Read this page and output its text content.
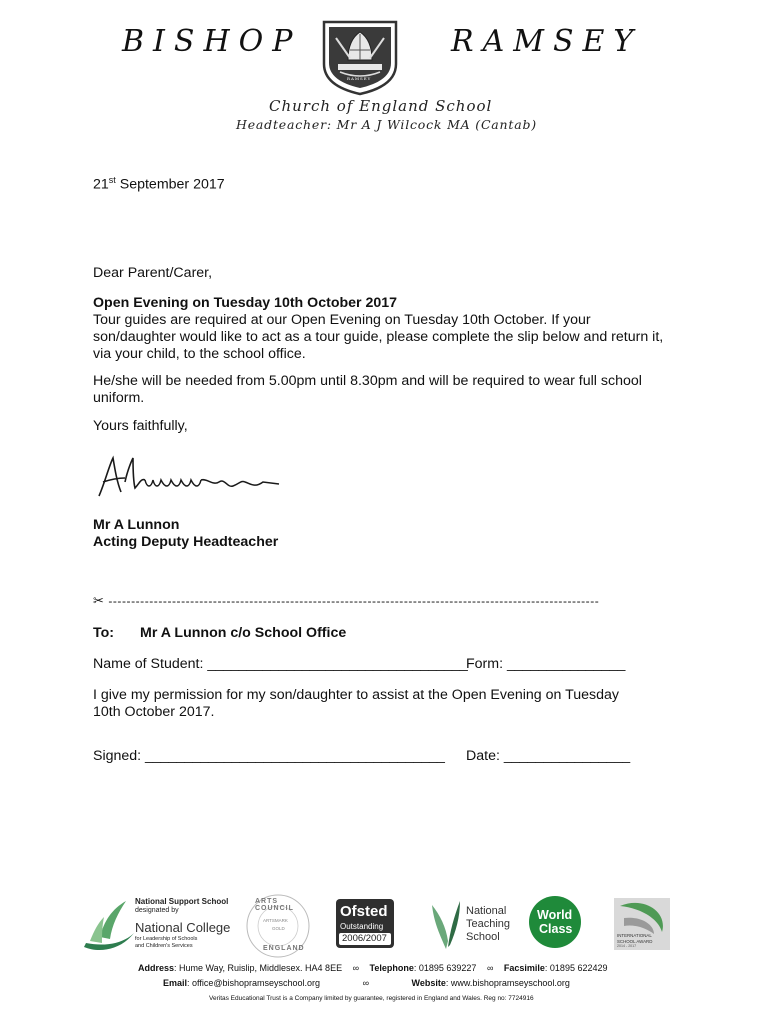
BISHOP	RAMSEY
RAMSEY
Church of England School
Headteacher: Mr A J Wilcock MA (Cantab)
21st September 2017
Dear Parent/Carer,
Open Evening on Tuesday 10th October 2017
Tour guides are required at our Open Evening on Tuesday 10th October. If your
son/daughter would like to act as a tour guide, please complete the slip below and return it,
via your child, to the school office.
He/she will be needed from 5.00pm until 8.30pm and will be required to wear full school
uniform.
Yours faithfully,
Mr A Lunnon
Acting Deputy Headteacher
✂ ------------------------------------------------------------------------------------------------------------
To: Mr A Lunnon c/o School Office
Name of Student: _________________________________
Form: _______________
I give my permission for my son/daughter to assist at the Open Evening on Tuesday
10th October 2017.
Signed: ______________________________________ Date: ________________
National Support School
designated by
National College
for Leadership of Schools
and Children's Services
ARTS COUNCIL
ENGLAND
ARTSMARK
GOLD
Ofsted
Outstanding
2006/2007
National
Teaching
School
World
Class	INTERNATIONAL
SCHOOL AWARD
2014 - 2017
Address: Hume Way, Ruislip, Middlesex. HA4 8EE ∞ Telephone: 01895 639227 ∞ Facsimile: 01895 622429
Email: office@bishopramseyschool.org	∞	Website: www.bishopramseyschool.org
Veritas Educational Trust is a Company limited by guarantee, registered in England and Wales. Reg no: 7724916
